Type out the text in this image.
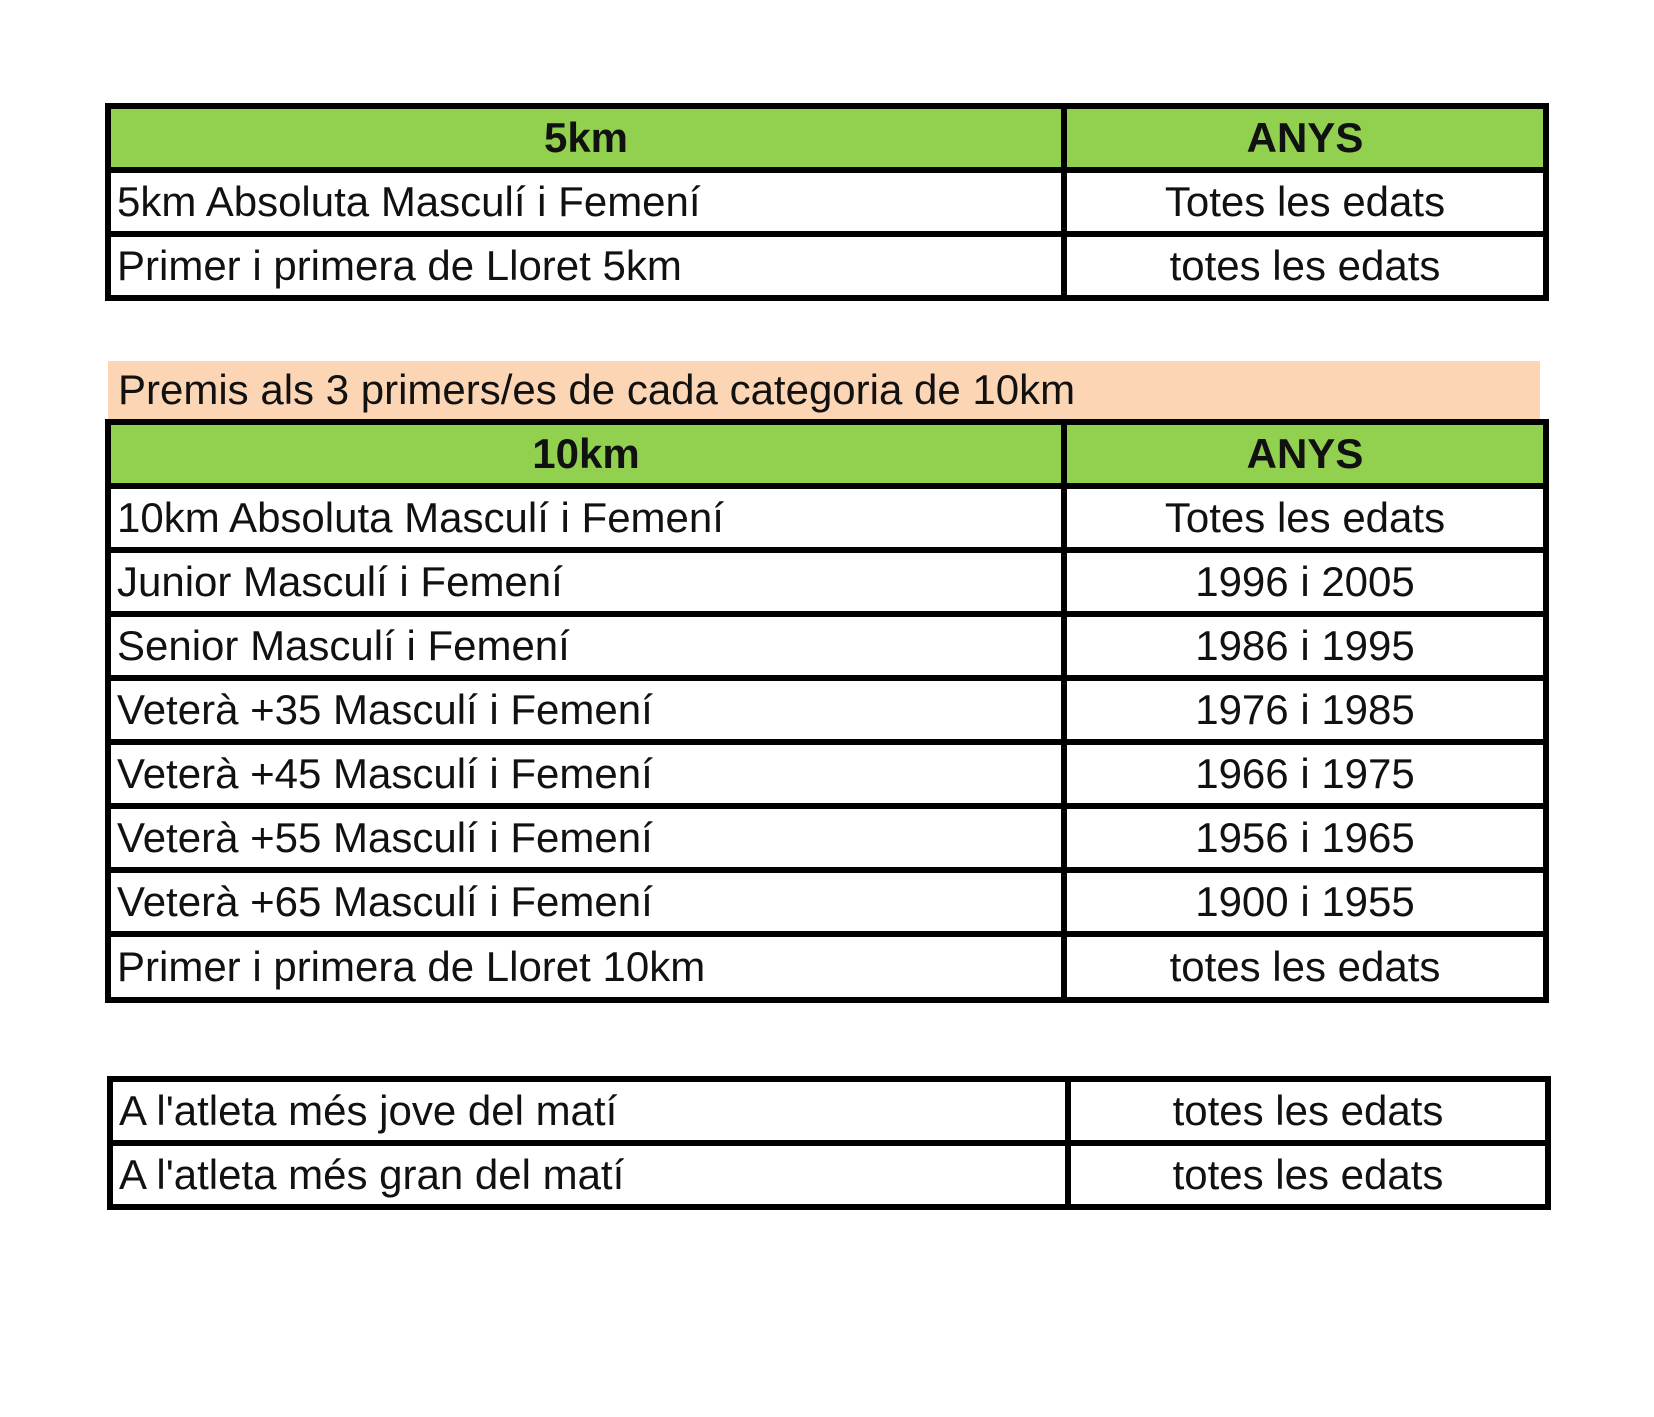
5km	ANYS
5km Absoluta Masculí i Femení	Totes les edats
Primer i primera de Lloret 5km	totes les edats
Premis als 3 primers/es de cada categoria de 10km
10km	ANYS
10km Absoluta Masculí i Femení	Totes les edats
Junior Masculí i Femení	1996 i 2005
Senior Masculí i Femení	1986 i 1995
Veterà +35 Masculí i Femení	1976 i 1985
Veterà +45 Masculí i Femení	1966 i 1975
Veterà +55 Masculí i Femení	1956 i 1965
Veterà +65 Masculí i Femení	1900 i 1955
Primer i primera de Lloret 10km	totes les edats
A l'atleta més jove del matí	totes les edats
A l'atleta més gran del matí	totes les edats
